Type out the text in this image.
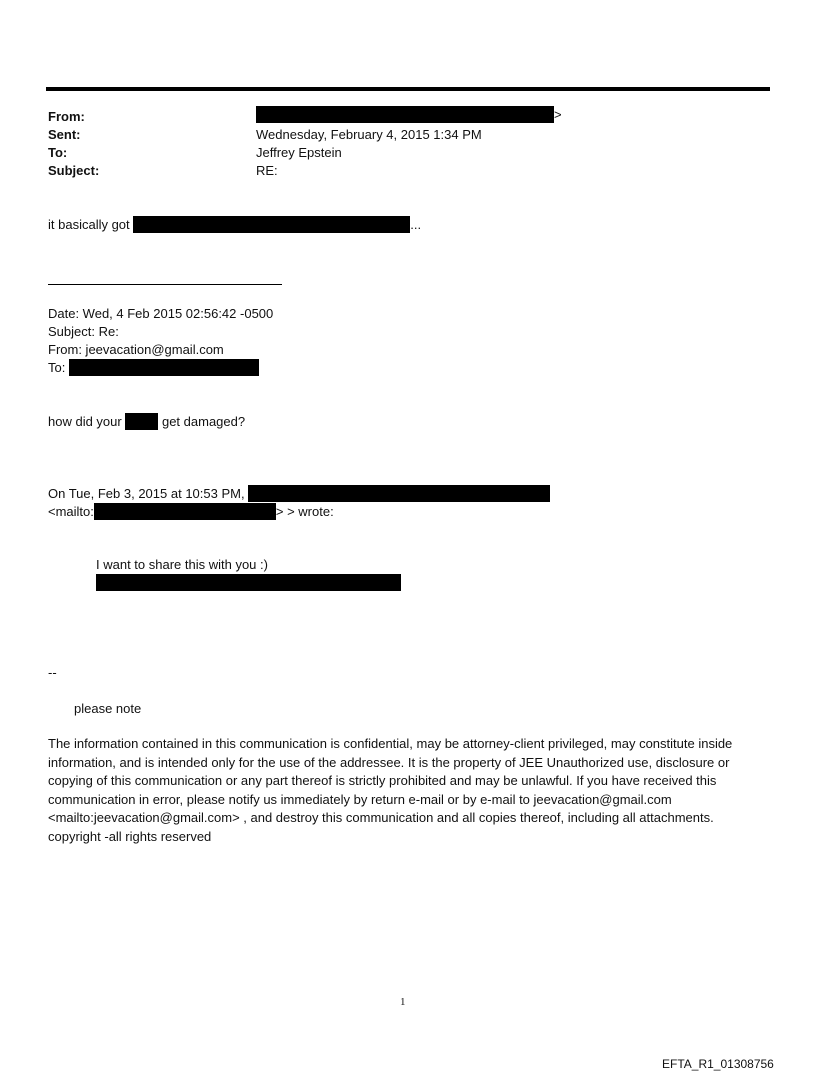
From:	>
Sent:	Wednesday, February 4, 2015 1:34 PM
To:	Jeffrey Epstein
Subject:	RE:
it basically got	...
Date: Wed, 4 Feb 2015 02:56:42 -0500
Subject: Re:
From: jeevacation@gmail.com
To:
how did your	get damaged?
On Tue, Feb 3, 2015 at 10:53 PM,
<mailto:	> > wrote:
I want to share this with you :)
--
please note
The information contained in this communication is confidential, may be attorney-client privileged, may constitute inside information, and is intended only for the use of the addressee. It is the property of JEE Unauthorized use, disclosure or copying of this communication or any part thereof is strictly prohibited and may be unlawful. If you have received this communication in error, please notify us immediately by return e-mail or by e-mail to jeevacation@gmail.com <mailto:jeevacation@gmail.com> , and destroy this communication and all copies thereof, including all attachments. copyright -all rights reserved
1
EFTA_R1_01308756
